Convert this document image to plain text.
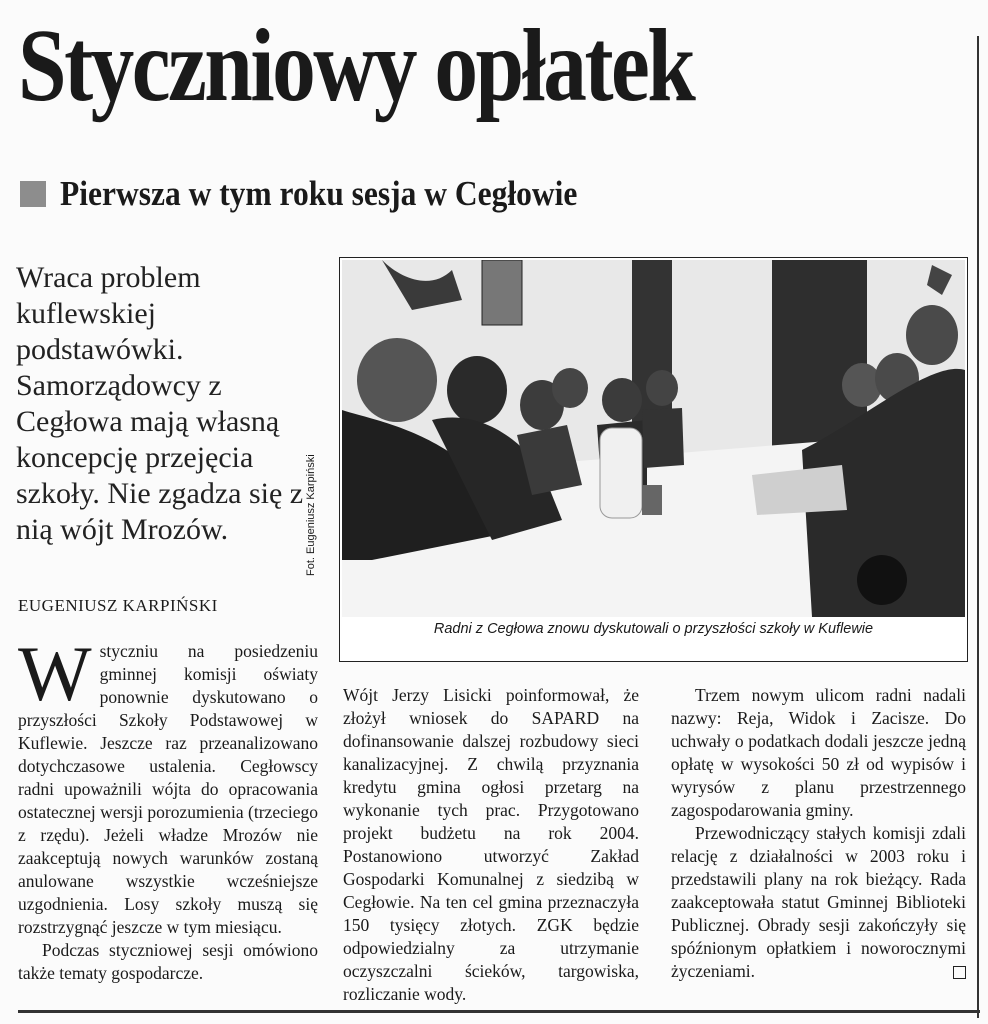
Styczniowy opłatek
Pierwsza w tym roku sesja w Cegłowie

Wraca problem kuflewskiej podstawówki. Samorządowcy z Cegłowa mają własną koncepcję przejęcia szkoły. Nie zgadza się z nią wójt Mrozów.

EUGENIUSZ KARPIŃSKI
Fot. Eugeniusz Karpiński
Radni z Cegłowa znowu dyskutowali o przyszłości szkoły w Kuflewie

W styczniu na posiedzeniu gminnej komisji oświaty ponownie dyskutowano o przyszłości Szkoły Podstawowej w Kuflewie. Jeszcze raz przeanalizowano dotychczasowe ustalenia. Cegłowscy radni upoważnili wójta do opracowania ostatecznej wersji porozumienia (trzeciego z rzędu). Jeżeli władze Mrozów nie zaakceptują nowych warunków zostaną anulowane wszystkie wcześniejsze uzgodnienia. Losy szkoły muszą się rozstrzygnąć jeszcze w tym miesiącu.

Podczas styczniowej sesji omówiono także tematy gospodarcze.

Wójt Jerzy Lisicki poinformował, że złożył wniosek do SAPARD na dofinansowanie dalszej rozbudowy sieci kanalizacyjnej. Z chwilą przyznania kredytu gmina ogłosi przetarg na wykonanie tych prac. Przygotowano projekt budżetu na rok 2004. Postanowiono utworzyć Zakład Gospodarki Komunalnej z siedzibą w Cegłowie. Na ten cel gmina przeznaczyła 150 tysięcy złotych. ZGK będzie odpowiedzialny za utrzymanie oczyszczalni ścieków, targowiska, rozliczanie wody.

Trzem nowym ulicom radni nadali nazwy: Reja, Widok i Zacisze. Do uchwały o podatkach dodali jeszcze jedną opłatę w wysokości 50 zł od wypisów i wyrysów z planu przestrzennego zagospodarowania gminy.

Przewodniczący stałych komisji zdali relację z działalności w 2003 roku i przedstawili plany na rok bieżący. Rada zaakceptowała statut Gminnej Biblioteki Publicznej. Obrady sesji zakończyły się spóźnionym opłatkiem i noworocznymi życzeniami.
